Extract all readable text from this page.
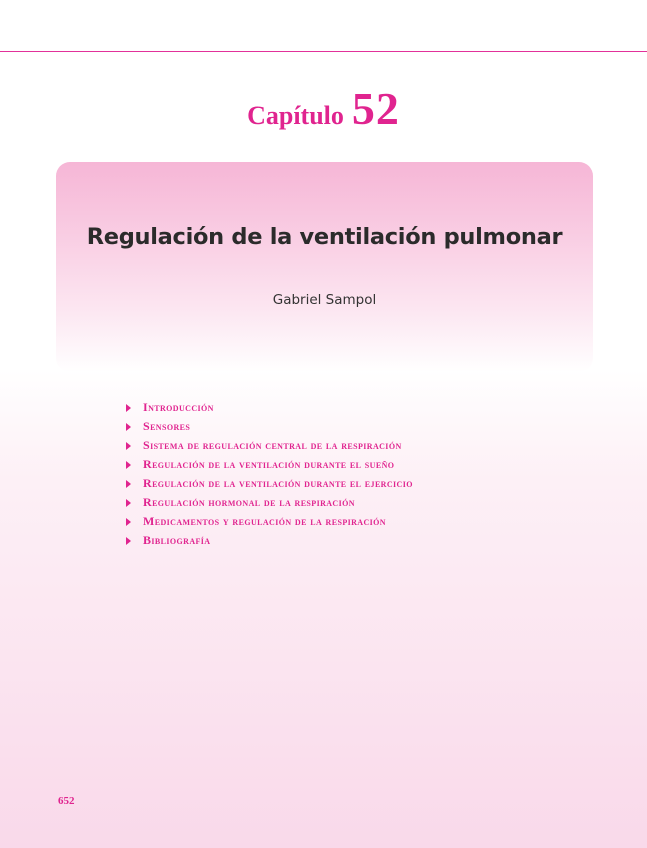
Capítulo 52
Regulación de la ventilación pulmonar
Gabriel Sampol
Introducción
Sensores
Sistema de regulación central de la respiración
Regulación de la ventilación durante el sueño
Regulación de la ventilación durante el ejercicio
Regulación hormonal de la respiración
Medicamentos y regulación de la respiración
Bibliografía
652
